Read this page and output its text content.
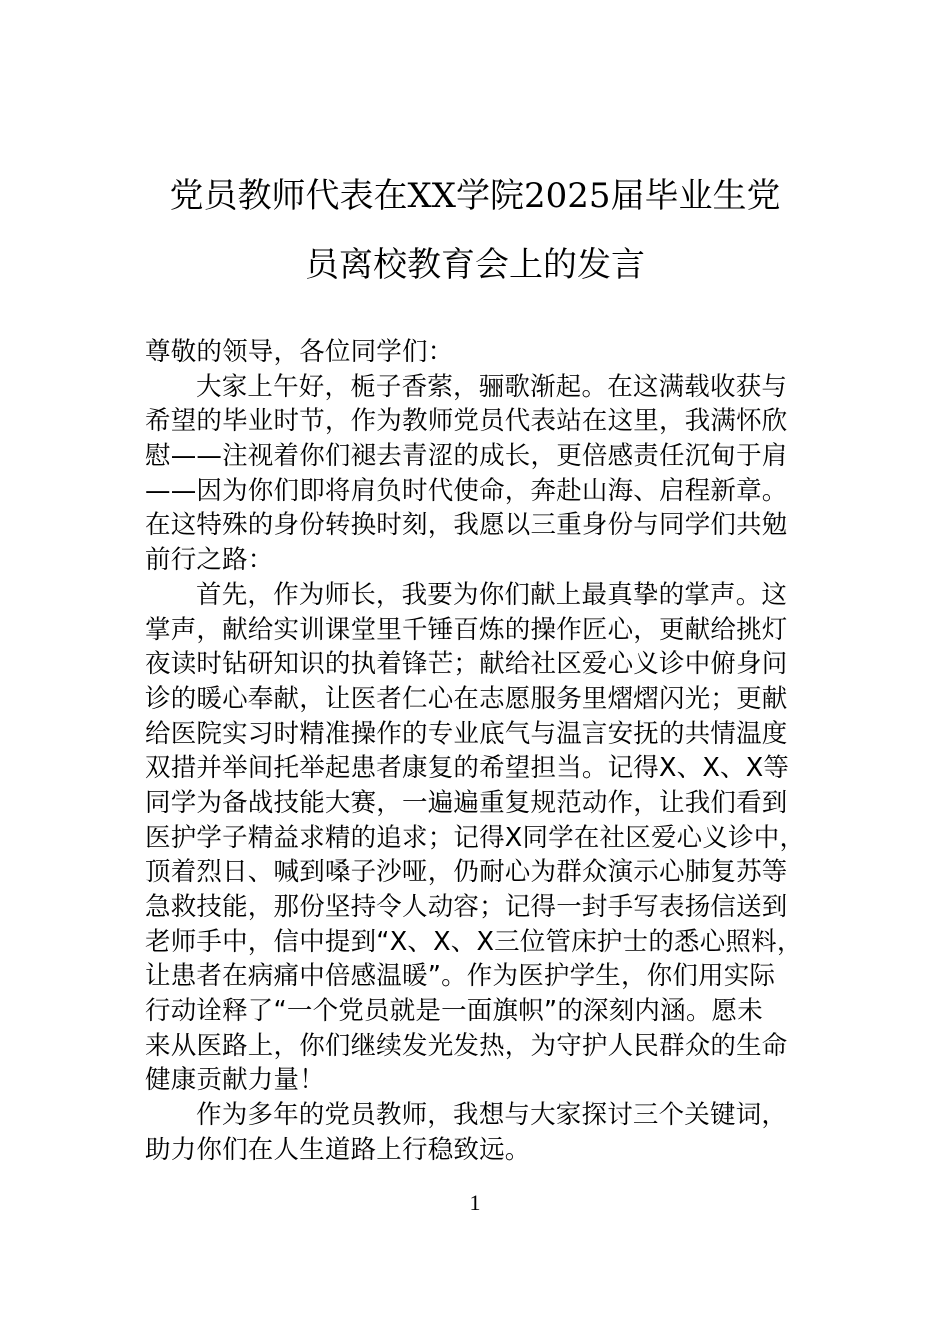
党员教师代表在XX学院2025届毕业生党
员离校教育会上的发言
尊敬的领导，各位同学们：
大家上午好，栀子香萦，骊歌渐起。在这满载收获与
希望的毕业时节，作为教师党员代表站在这里，我满怀欣
慰——注视着你们褪去青涩的成长，更倍感责任沉甸于肩
——因为你们即将肩负时代使命，奔赴山海、启程新章。
在这特殊的身份转换时刻，我愿以三重身份与同学们共勉
前行之路：
首先，作为师长，我要为你们献上最真挚的掌声。这
掌声，献给实训课堂里千锤百炼的操作匠心，更献给挑灯
夜读时钻研知识的执着锋芒；献给社区爱心义诊中俯身问
诊的暖心奉献，让医者仁心在志愿服务里熠熠闪光；更献
给医院实习时精准操作的专业底气与温言安抚的共情温度
双措并举间托举起患者康复的希望担当。记得X、X、X等
同学为备战技能大赛，一遍遍重复规范动作，让我们看到
医护学子精益求精的追求；记得X同学在社区爱心义诊中，
顶着烈日、喊到嗓子沙哑，仍耐心为群众演示心肺复苏等
急救技能，那份坚持令人动容；记得一封手写表扬信送到
老师手中，信中提到“X、X、X三位管床护士的悉心照料，
让患者在病痛中倍感温暖”。作为医护学生，你们用实际
行动诠释了“一个党员就是一面旗帜”的深刻内涵。愿未
来从医路上，你们继续发光发热，为守护人民群众的生命
健康贡献力量！
作为多年的党员教师，我想与大家探讨三个关键词，
助力你们在人生道路上行稳致远。
1
